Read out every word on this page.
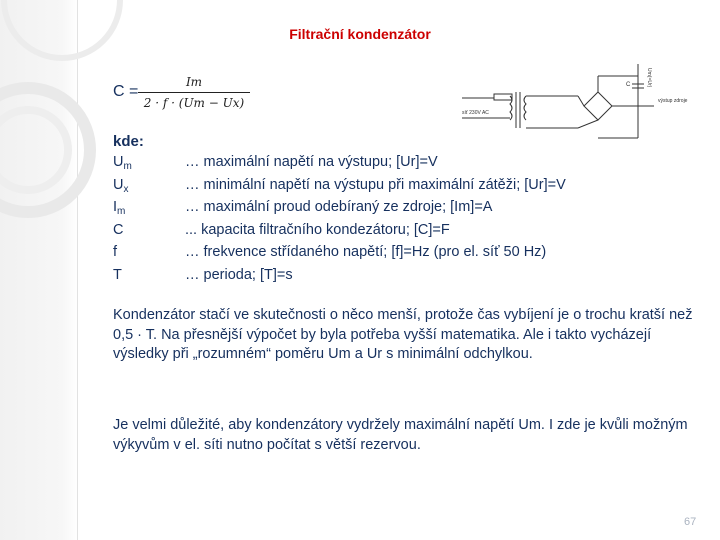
Filtrační kondenzátor
C =
Im
2 · f · (Um − Ux)
síť 230V AC
C	Um(=Ur)
výstup zdroje
kde:
$U_m$	… maximální napětí na výstupu; [Ur]=V
$U_x$	… minimální napětí na výstupu při maximální zátěži; [Ur]=V
$I_m$	… maximální proud odebíraný ze zdroje; [Im]=A
C	... kapacita filtračního kondezátoru; [C]=F
f	… frekvence střídaného napětí; [f]=Hz (pro el. síť 50 Hz)
T	… perioda; [T]=s
Kondenzátor stačí ve skutečnosti o něco menší, protože čas vybíjení je o trochu kratší než 0,5 · T. Na přesnější výpočet by byla potřeba vyšší matematika. Ale i takto vycházejí výsledky při „rozumném“ poměru Um a Ur s minimální odchylkou.
Je velmi důležité, aby kondenzátory vydržely maximální napětí Um. I zde je kvůli možným výkyvům v el. síti nutno počítat s větší rezervou.
67
